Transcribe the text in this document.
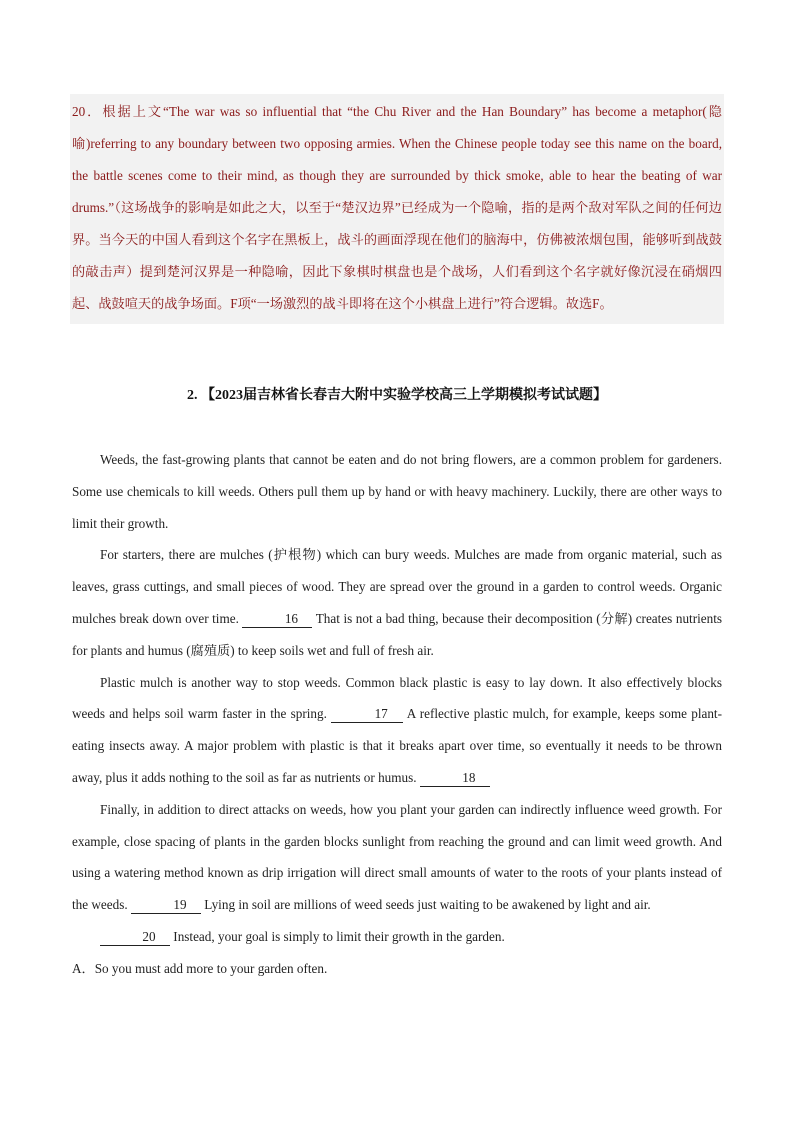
20．根据上文“The war was so influential that “the Chu River and the Han Boundary” has become a metaphor(隐喻)referring to any boundary between two opposing armies. When the Chinese people today see this name on the board, the battle scenes come to their mind, as though they are surrounded by thick smoke, able to hear the beating of war drums.”（这场战争的影响是如此之大，以至于“楚汉边界”已经成为一个隐喻，指的是两个敌对军队之间的任何边界。当今天的中国人看到这个名字在黑板上，战斗的画面浮现在他们的脑海中，仿佛被浓烟包围，能够听到战鼓的敲击声）提到楚河汉界是一种隐喻，因此下象棋时棋盘也是个战场，人们看到这个名字就好像沉浸在硝烟四起、战鼓喧天的战争场面。F项“一场激烈的战斗即将在这个小棋盘上进行”符合逻辑。故选F。

2. 【2023届吉林省长春吉大附中实验学校高三上学期模拟考试试题】

Weeds, the fast-growing plants that cannot be eaten and do not bring flowers, are a common problem for gardeners. Some use chemicals to kill weeds. Others pull them up by hand or with heavy machinery. Luckily, there are other ways to limit their growth.

For starters, there are mulches (护根物) which can bury weeds. Mulches are made from organic material, such as leaves, grass cuttings, and small pieces of wood. They are spread over the ground in a garden to control weeds. Organic mulches break down over time.	16 That is not a bad thing, because their decomposition (分解) creates nutrients for plants and humus (腐殖质) to keep soils wet and full of fresh air.

Plastic mulch is another way to stop weeds. Common black plastic is easy to lay down. It also effectively blocks weeds and helps soil warm faster in the spring.	17 A reflective plastic mulch, for example, keeps some plant-eating insects away. A major problem with plastic is that it breaks apart over time, so eventually it needs to be thrown away, plus it adds nothing to the soil as far as nutrients or humus.	18

Finally, in addition to direct attacks on weeds, how you plant your garden can indirectly influence weed growth. For example, close spacing of plants in the garden blocks sunlight from reaching the ground and can limit weed growth. And using a watering method known as drip irrigation will direct small amounts of water to the roots of your plants instead of the weeds.	19 Lying in soil are millions of weed seeds just waiting to be awakened by light and air.

20 Instead, your goal is simply to limit their growth in the garden.

A．So you must add more to your garden often.
